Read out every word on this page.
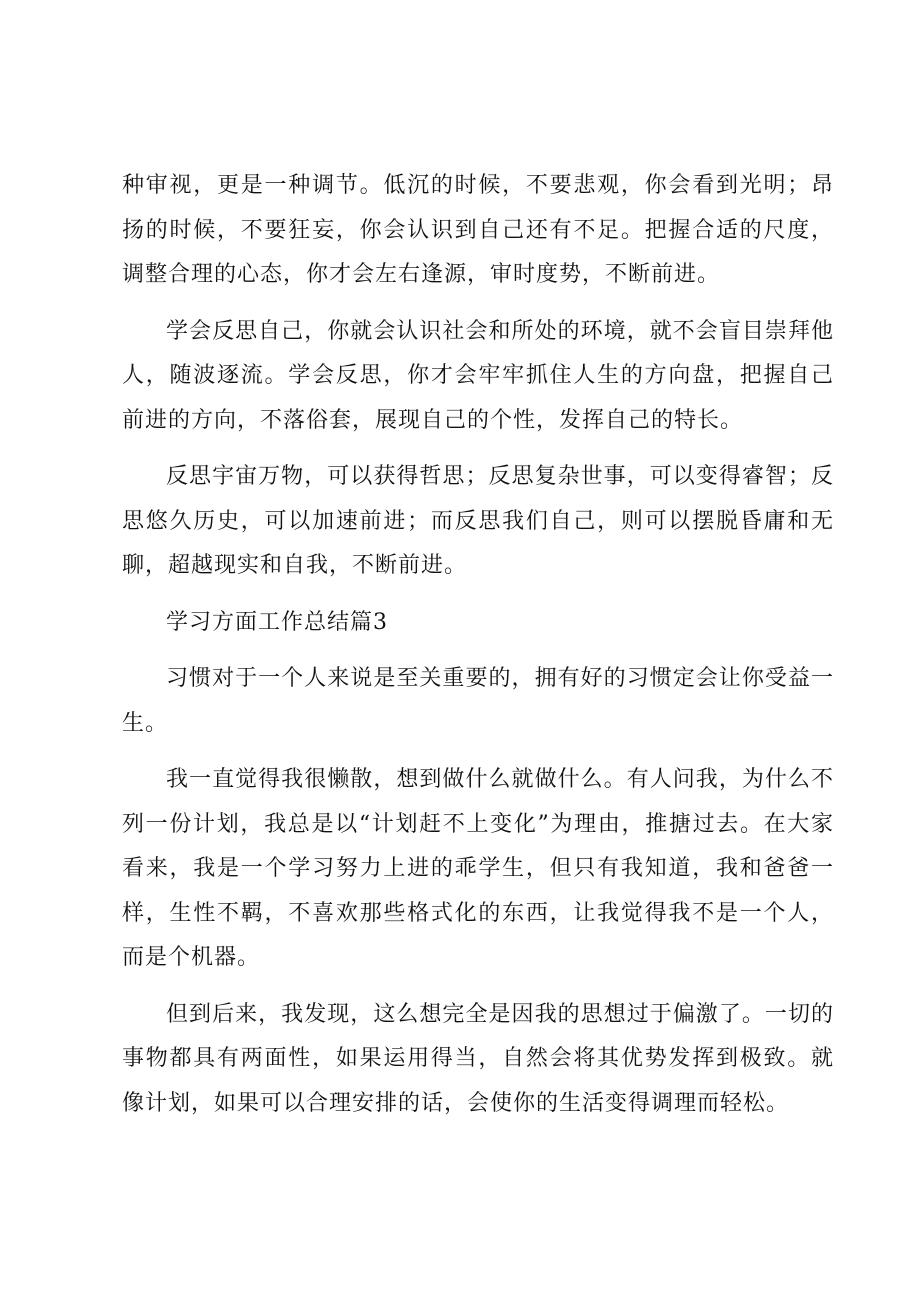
种审视，更是一种调节。低沉的时候，不要悲观，你会看到光明；昂扬的时候，不要狂妄，你会认识到自己还有不足。把握合适的尺度，调整合理的心态，你才会左右逢源，审时度势，不断前进。

学会反思自己，你就会认识社会和所处的环境，就不会盲目崇拜他人，随波逐流。学会反思，你才会牢牢抓住人生的方向盘，把握自己前进的方向，不落俗套，展现自己的个性，发挥自己的特长。

反思宇宙万物，可以获得哲思；反思复杂世事，可以变得睿智；反思悠久历史，可以加速前进；而反思我们自己，则可以摆脱昏庸和无聊，超越现实和自我，不断前进。

学习方面工作总结篇3

习惯对于一个人来说是至关重要的，拥有好的习惯定会让你受益一生。

我一直觉得我很懒散，想到做什么就做什么。有人问我，为什么不列一份计划，我总是以“计划赶不上变化”为理由，推搪过去。在大家看来，我是一个学习努力上进的乖学生，但只有我知道，我和爸爸一样，生性不羁，不喜欢那些格式化的东西，让我觉得我不是一个人，而是个机器。

但到后来，我发现，这么想完全是因我的思想过于偏激了。一切的事物都具有两面性，如果运用得当，自然会将其优势发挥到极致。就像计划，如果可以合理安排的话，会使你的生活变得调理而轻松。
